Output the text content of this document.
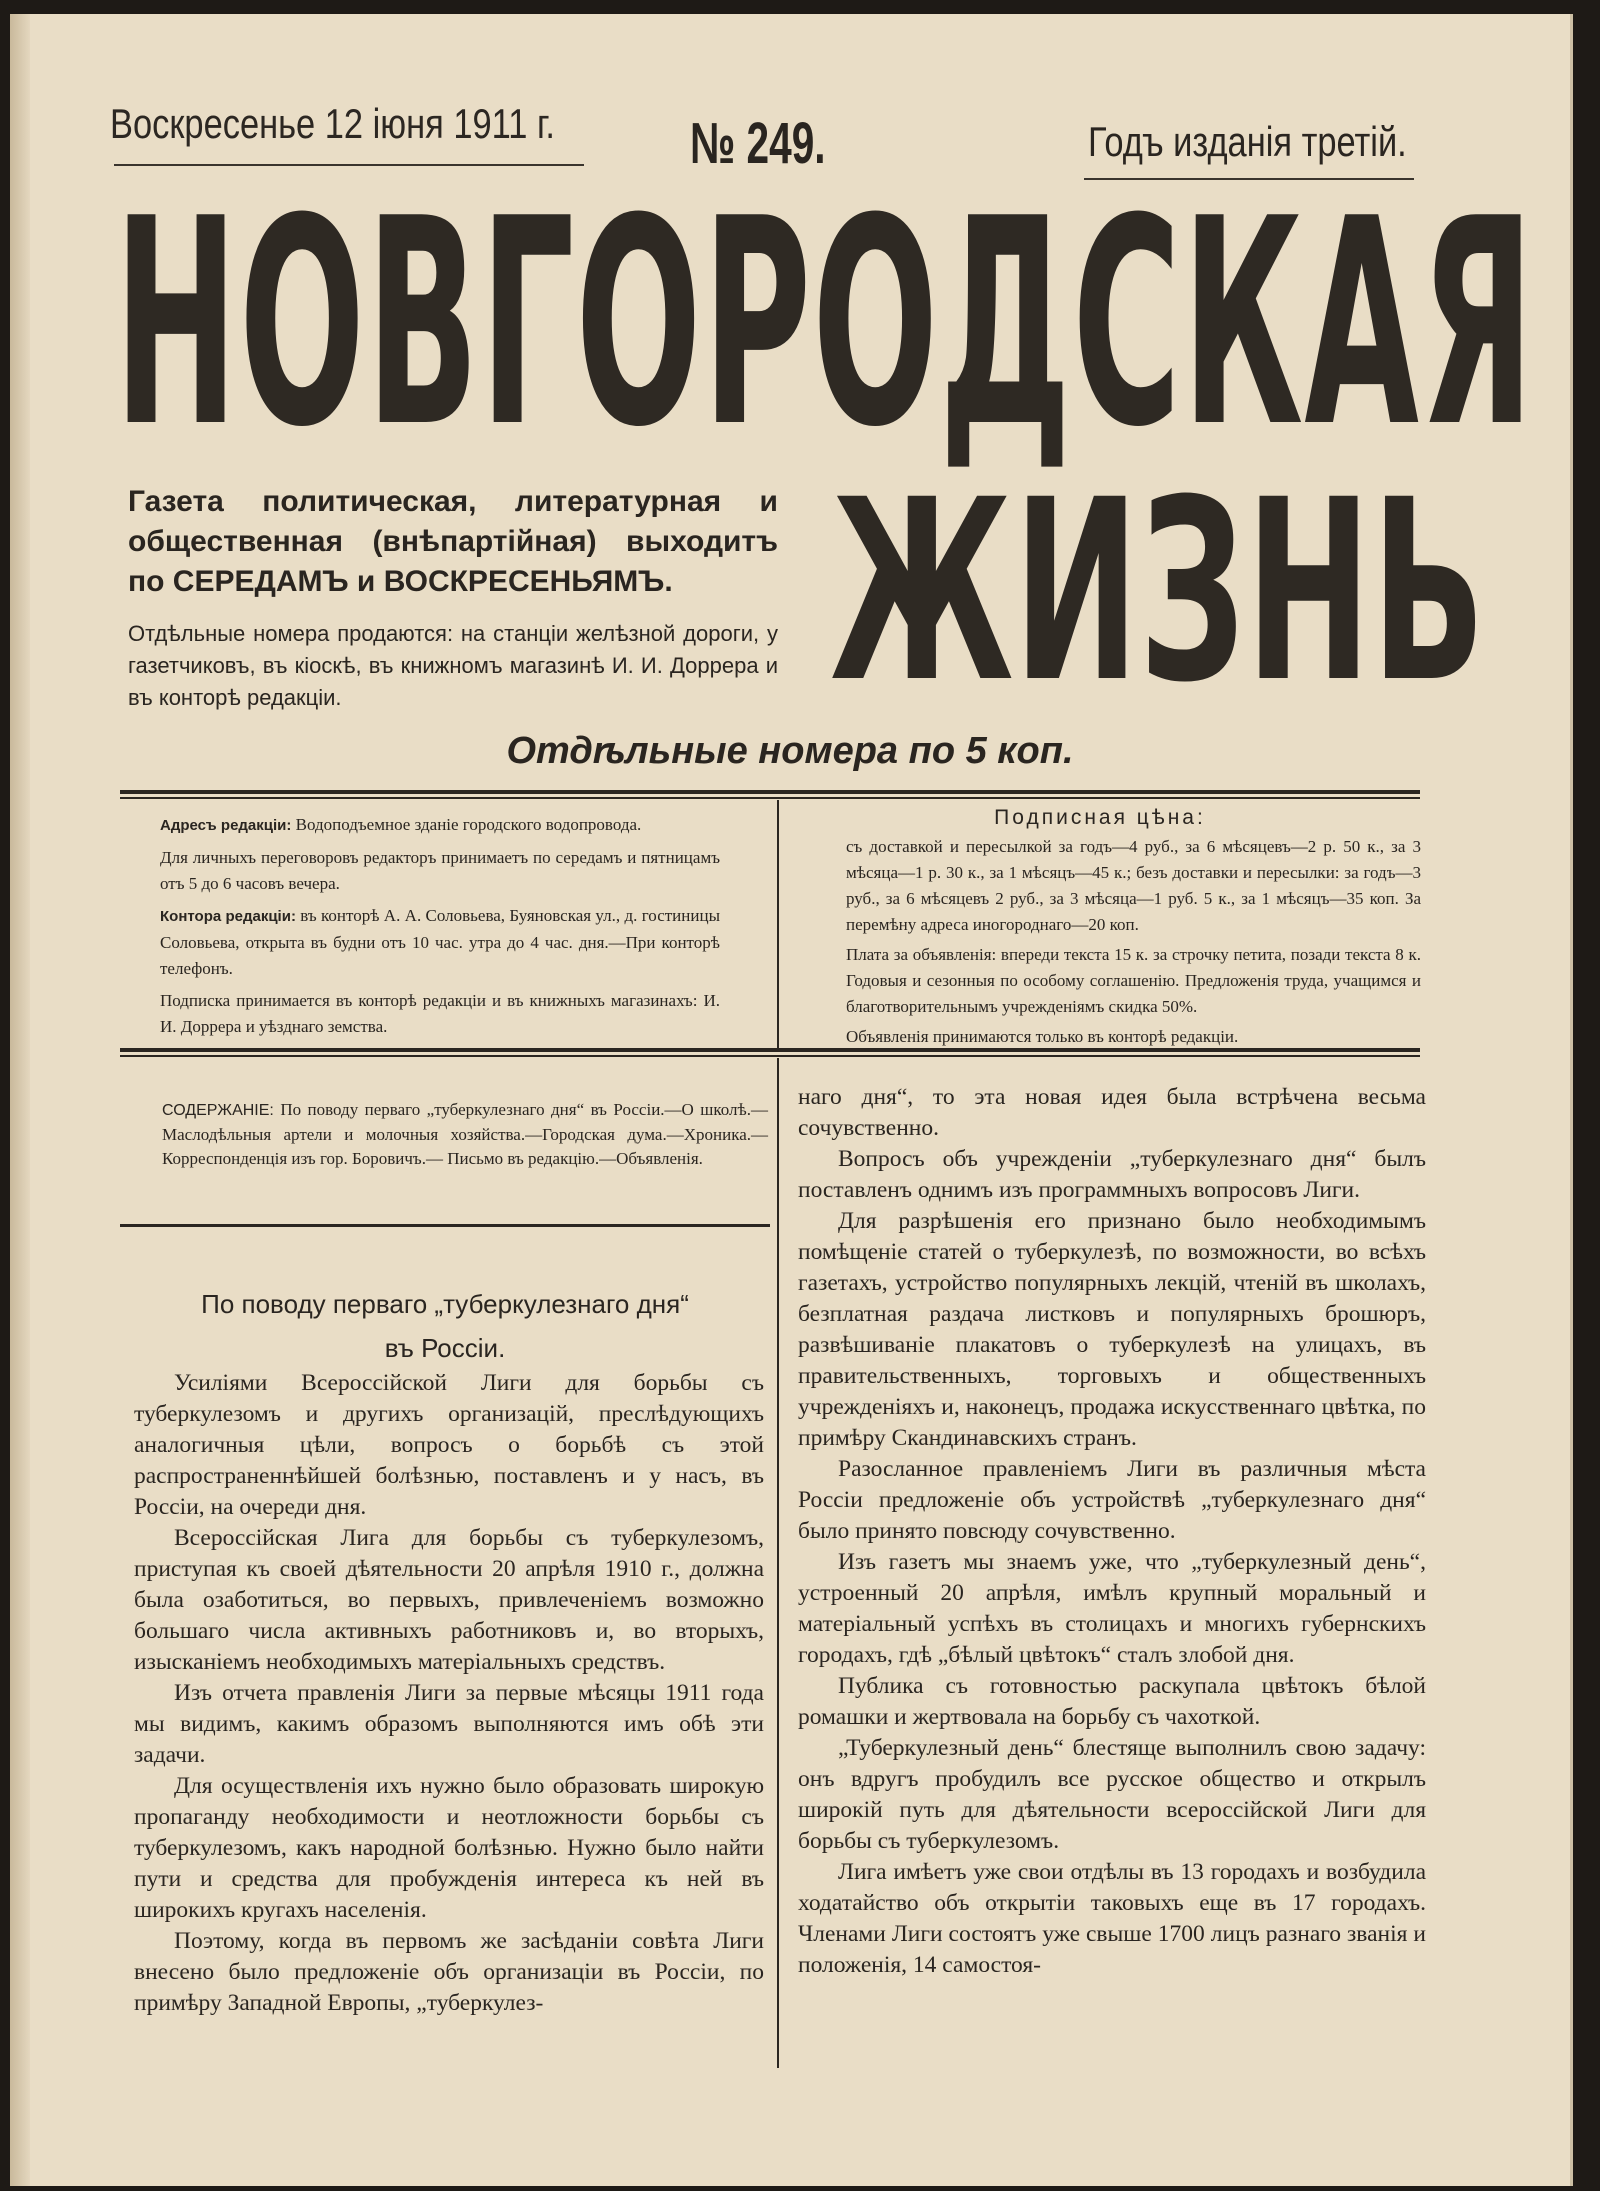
Воскресенье 12 іюня 1911 г. № 249.	Годъ изданія третій.
НОВГОРОДСКАЯ
ЖИЗНЬ
Газета политическая, литературная и общественная (внѣпартійная) выходитъ по СЕРЕДАМЪ и ВОСКРЕСЕНЬЯМЪ.
Отдѣльные номера продаются: на станціи желѣзной дороги, у газетчиковъ, въ кіоскѣ, въ книжномъ магазинѣ И. И. Доррера и въ конторѣ редакціи.
Отдѣльные номера по 5 коп.

Адресъ редакціи: Водоподъемное зданіе городского водопровода.

Для личныхъ переговоровъ редакторъ принимаетъ по середамъ и пятницамъ отъ 5 до 6 часовъ вечера.

Контора редакціи: въ конторѣ А. А. Соловьева, Буяновская ул., д. гостиницы Соловьева, открыта въ будни отъ 10 час. утра до 4 час. дня.—При конторѣ телефонъ.

Подписка принимается въ конторѣ редакціи и въ книжныхъ магазинахъ: И. И. Доррера и уѣзднаго земства.

Подписная цѣна:

съ доставкой и пересылкой за годъ—4 руб., за 6 мѣсяцевъ—2 р. 50 к., за 3 мѣсяца—1 р. 30 к., за 1 мѣсяцъ—45 к.; безъ доставки и пересылки: за годъ—3 руб., за 6 мѣсяцевъ 2 руб., за 3 мѣсяца—1 руб. 5 к., за 1 мѣсяцъ—35 коп. За перемѣну адреса иногороднаго—20 коп.

Плата за объявленія: впереди текста 15 к. за строчку петита, позади текста 8 к. Годовыя и сезонныя по особому соглашенію. Предложенія труда, учащимся и благотворительнымъ учрежденіямъ скидка 50%.

Объявленія принимаются только въ конторѣ редакціи.

СОДЕРЖАНІЕ: По поводу перваго „туберкулезнаго дня“ въ Россіи.—О школѣ.—Маслодѣльныя артели и молочныя хозяйства.—Городская дума.—Хроника.—Корреспонденція изъ гор. Боровичъ.— Письмо въ редакцію.—Объявленія.
По поводу перваго „туберкулезнаго дня“
въ Россіи.

Усиліями Всероссійской Лиги для борьбы съ туберкулезомъ и другихъ организацій, преслѣдующихъ аналогичныя цѣли, вопросъ о борьбѣ съ этой распространеннѣйшей болѣзнью, поставленъ и у насъ, въ Россіи, на очереди дня.

Всероссійская Лига для борьбы съ туберкулезомъ, приступая къ своей дѣятельности 20 апрѣля 1910 г., должна была озаботиться, во первыхъ, привлеченіемъ возможно большаго числа активныхъ работниковъ и, во вторыхъ, изысканіемъ необходимыхъ матеріальныхъ средствъ.

Изъ отчета правленія Лиги за первые мѣсяцы 1911 года мы видимъ, какимъ образомъ выполняются имъ обѣ эти задачи.

Для осуществленія ихъ нужно было образовать широкую пропаганду необходимости и неотложности борьбы съ туберкулезомъ, какъ народной болѣзнью. Нужно было найти пути и средства для пробужденія интереса къ ней въ широкихъ кругахъ населенія.

Поэтому, когда въ первомъ же засѣданіи совѣта Лиги внесено было предложеніе объ организаціи въ Россіи, по примѣру Западной Европы, „туберкулез-

наго дня“, то эта новая идея была встрѣчена весьма сочувственно.

Вопросъ объ учрежденіи „туберкулезнаго дня“ былъ поставленъ однимъ изъ программныхъ вопросовъ Лиги.

Для разрѣшенія его признано было необходимымъ помѣщеніе статей о туберкулезѣ, по возможности, во всѣхъ газетахъ, устройство популярныхъ лекцій, чтеній въ школахъ, безплатная раздача листковъ и популярныхъ брошюръ, развѣшиваніе плакатовъ о туберкулезѣ на улицахъ, въ правительственныхъ, торговыхъ и общественныхъ учрежденіяхъ и, наконецъ, продажа искусственнаго цвѣтка, по примѣру Скандинавскихъ странъ.

Разосланное правленіемъ Лиги въ различныя мѣста Россіи предложеніе объ устройствѣ „туберкулезнаго дня“ было принято повсюду сочувственно.

Изъ газетъ мы знаемъ уже, что „туберкулезный день“, устроенный 20 апрѣля, имѣлъ крупный моральный и матеріальный успѣхъ въ столицахъ и многихъ губернскихъ городахъ, гдѣ „бѣлый цвѣтокъ“ сталъ злобой дня.

Публика съ готовностью раскупала цвѣтокъ бѣлой ромашки и жертвовала на борьбу съ чахоткой.

„Туберкулезный день“ блестяще выполнилъ свою задачу: онъ вдругъ пробудилъ все русское общество и открылъ широкій путь для дѣятельности всероссійской Лиги для борьбы съ туберкулезомъ.

Лига имѣетъ уже свои отдѣлы въ 13 городахъ и возбудила ходатайство объ открытіи таковыхъ еще въ 17 городахъ. Членами Лиги состоятъ уже свыше 1700 лицъ разнаго званія и положенія, 14 самостоя-
